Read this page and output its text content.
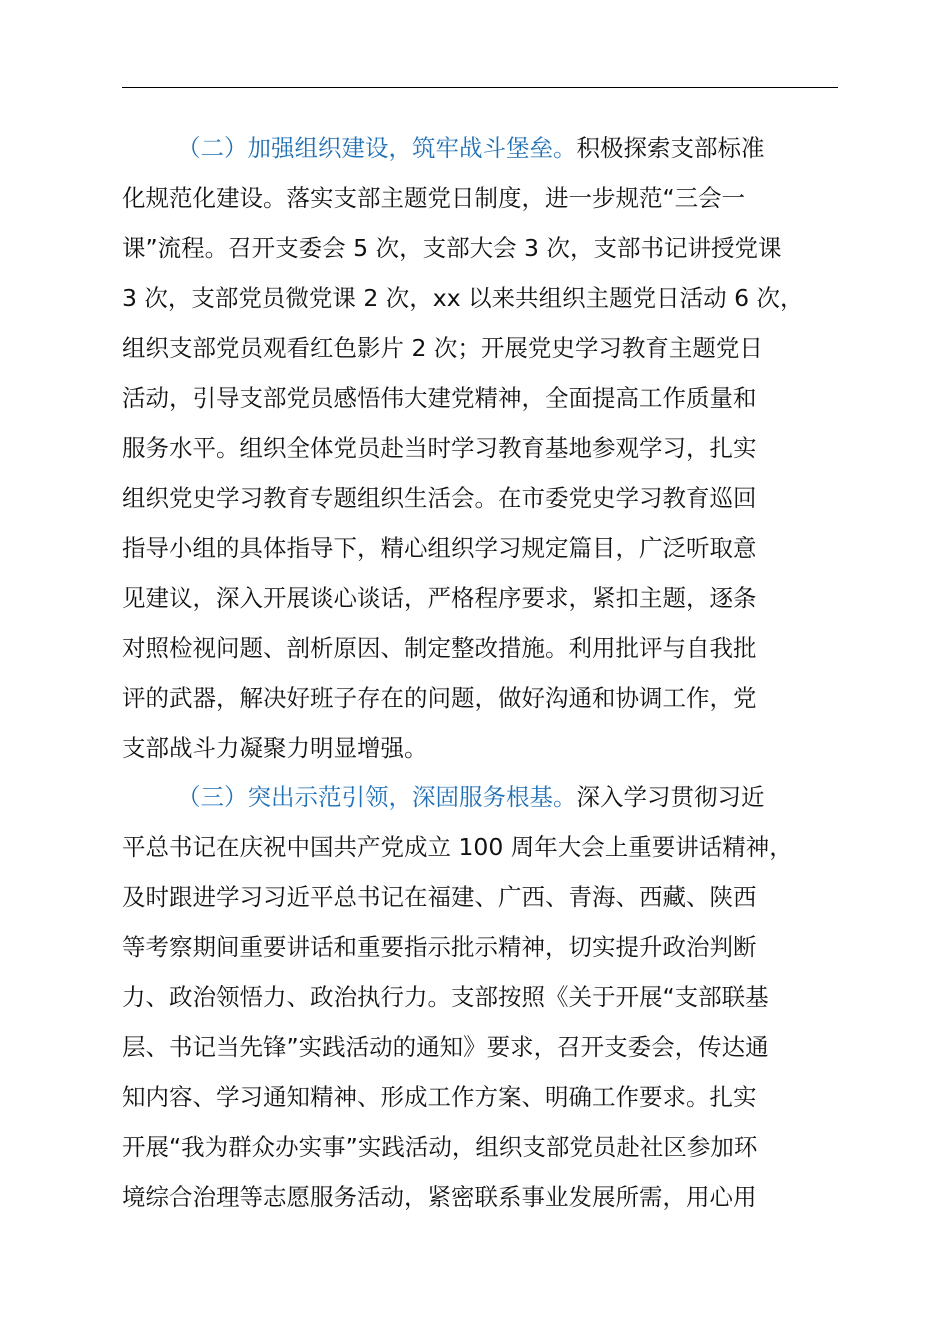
（二）加强组织建设，筑牢战斗堡垒。积极探索支部标准
化规范化建设。落实支部主题党日制度，进一步规范“三会一
课”流程。召开支委会 5 次，支部大会 3 次，支部书记讲授党课
3 次，支部党员微党课 2 次，xx 以来共组织主题党日活动 6 次，
组织支部党员观看红色影片 2 次；开展党史学习教育主题党日
活动，引导支部党员感悟伟大建党精神，全面提高工作质量和
服务水平。组织全体党员赴当时学习教育基地参观学习，扎实
组织党史学习教育专题组织生活会。在市委党史学习教育巡回
指导小组的具体指导下，精心组织学习规定篇目，广泛听取意
见建议，深入开展谈心谈话，严格程序要求，紧扣主题，逐条
对照检视问题、剖析原因、制定整改措施。利用批评与自我批
评的武器，解决好班子存在的问题，做好沟通和协调工作，党
支部战斗力凝聚力明显增强。
（三）突出示范引领，深固服务根基。深入学习贯彻习近
平总书记在庆祝中国共产党成立 100 周年大会上重要讲话精神，
及时跟进学习习近平总书记在福建、广西、青海、西藏、陕西
等考察期间重要讲话和重要指示批示精神，切实提升政治判断
力、政治领悟力、政治执行力。支部按照《关于开展“支部联基
层、书记当先锋”实践活动的通知》要求，召开支委会，传达通
知内容、学习通知精神、形成工作方案、明确工作要求。扎实
开展“我为群众办实事”实践活动，组织支部党员赴社区参加环
境综合治理等志愿服务活动，紧密联系事业发展所需，用心用
